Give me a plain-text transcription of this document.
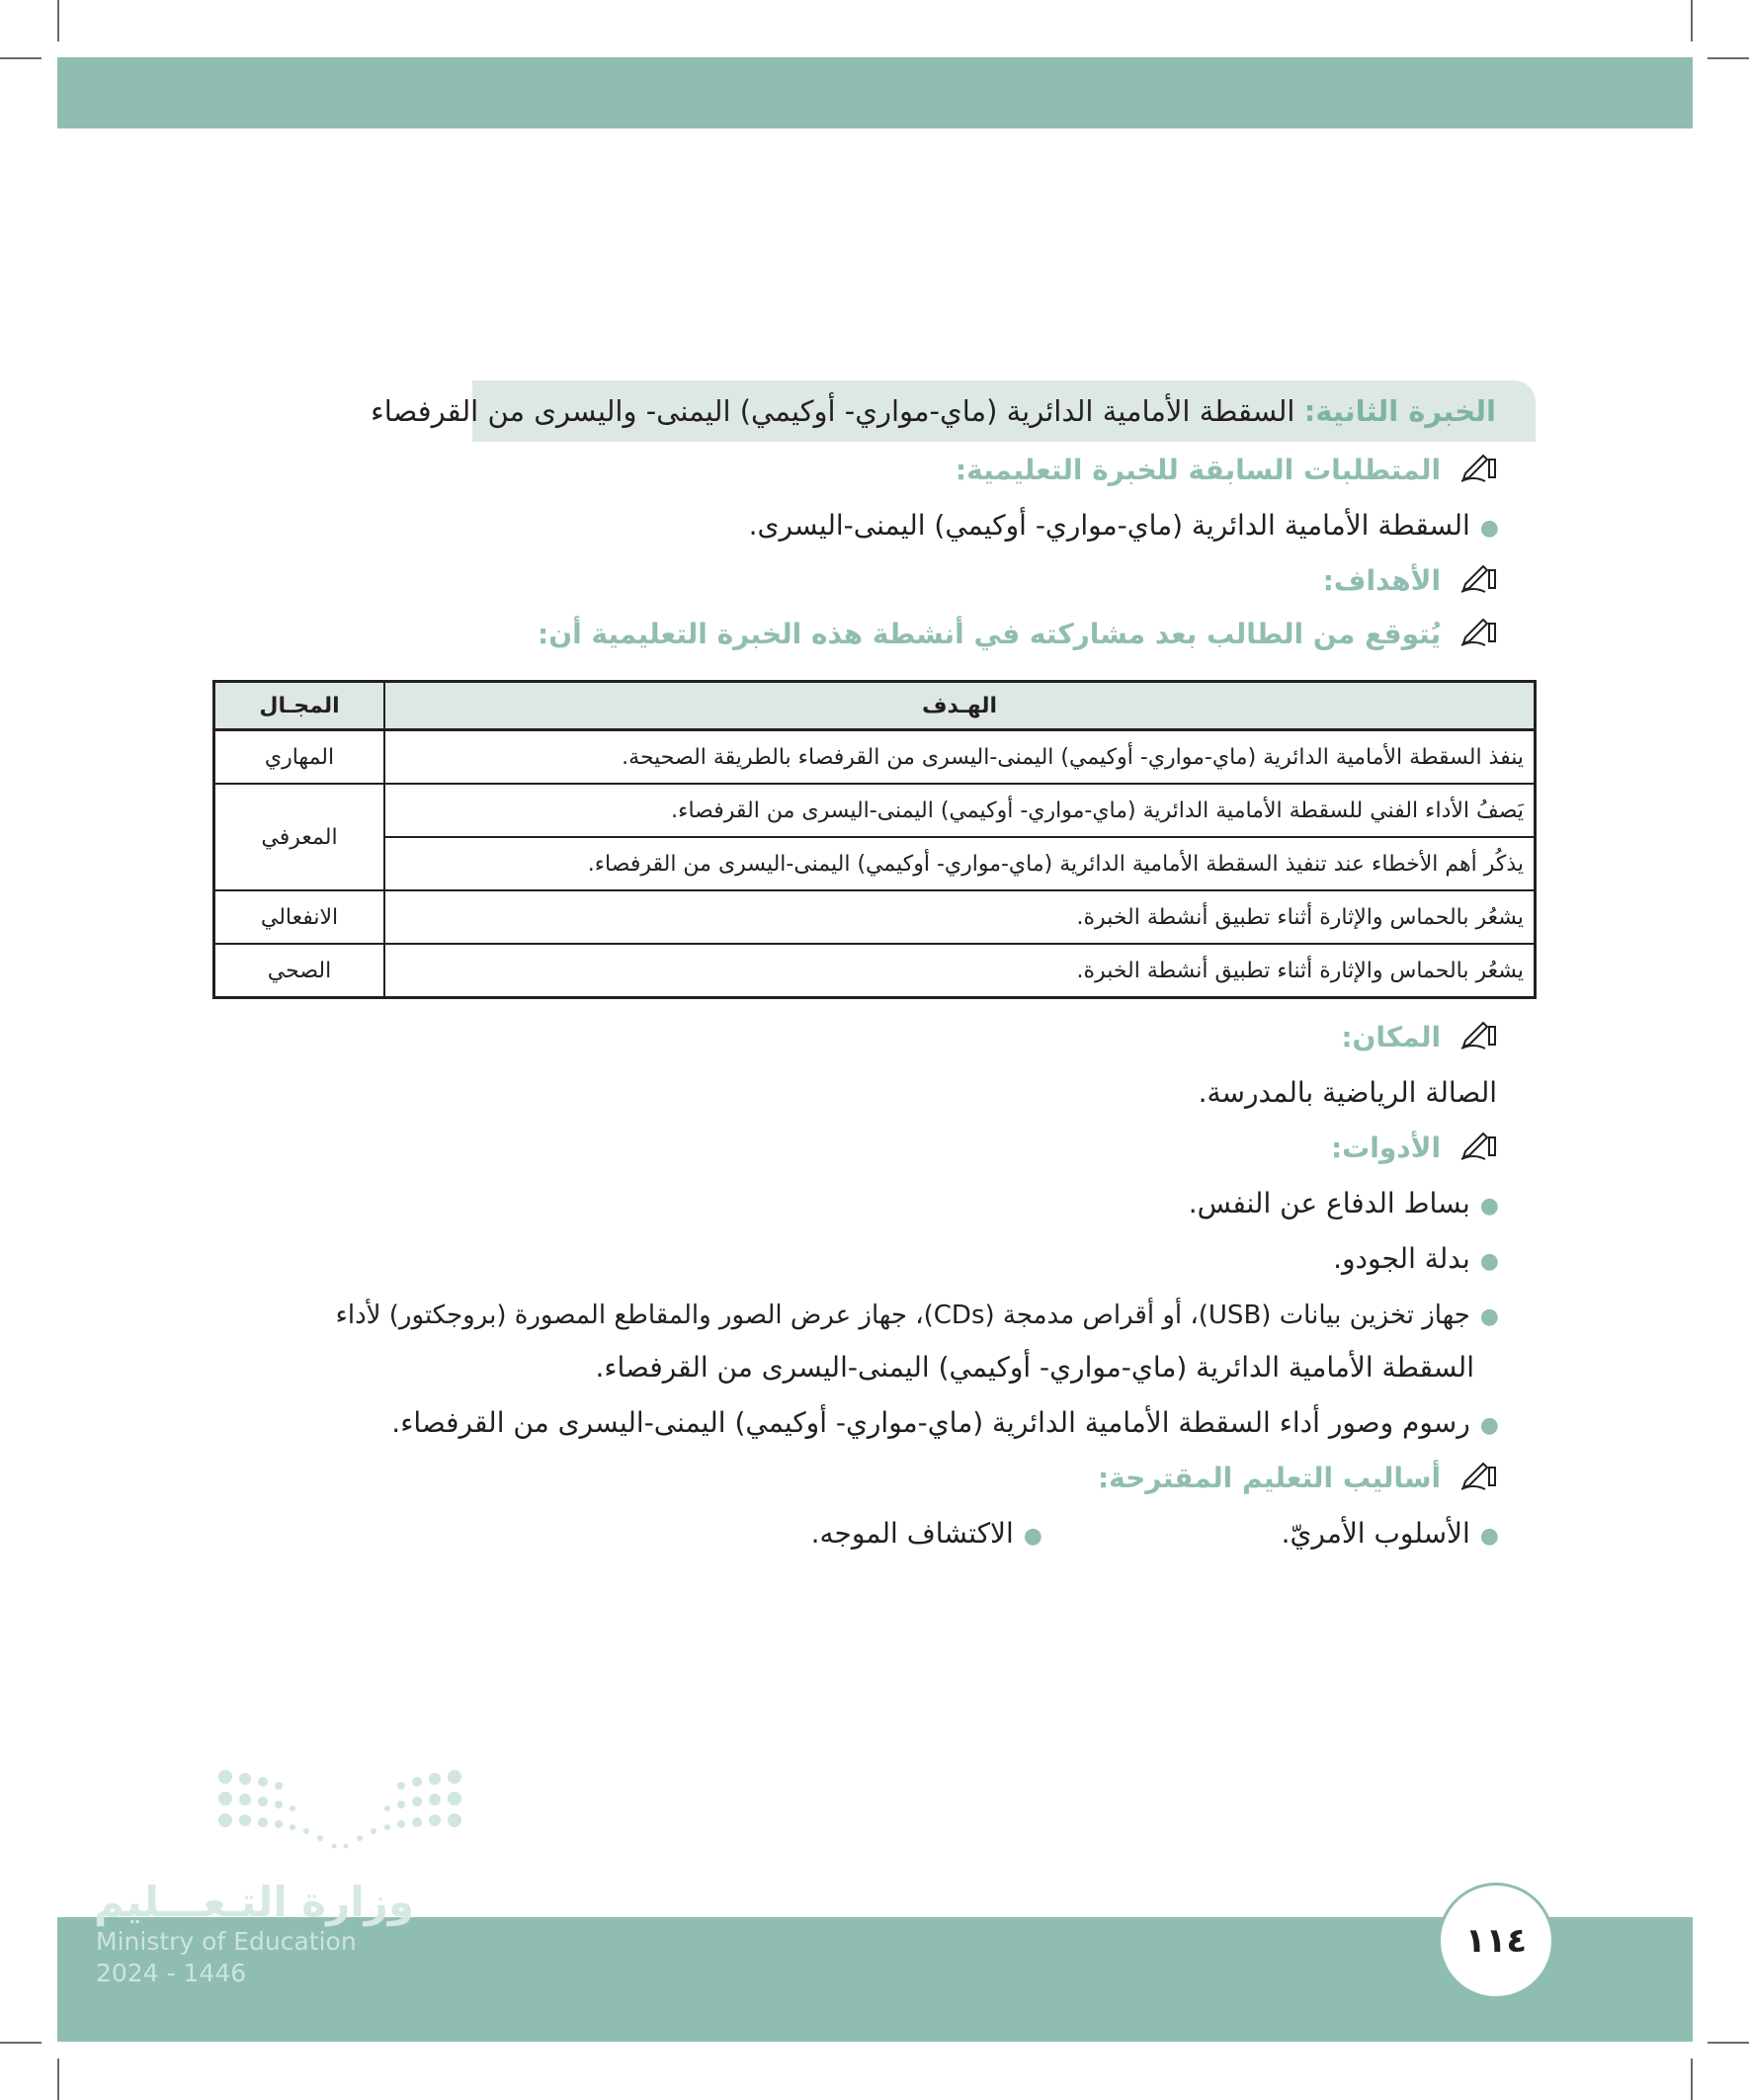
الخبرة الثانية: السقطة الأمامية الدائرية (ماي-مواري- أوكيمي) اليمنى- واليسرى من القرفصاء
المتطلبات السابقة للخبرة التعليمية:
●السقطة الأمامية الدائرية (ماي-مواري- أوكيمي) اليمنى-اليسرى.
الأهداف:
يُتوقع من الطالب بعد مشاركته في أنشطة هذه الخبرة التعليمية أن:
الهـدف	المجـال
ينفذ السقطة الأمامية الدائرية (ماي-مواري- أوكيمي) اليمنى-اليسرى من القرفصاء بالطريقة الصحيحة.	المهاري
يَصفُ الأداء الفني للسقطة الأمامية الدائرية (ماي-مواري- أوكيمي) اليمنى-اليسرى من القرفصاء.	المعرفي
يذكُر أهم الأخطاء عند تنفيذ السقطة الأمامية الدائرية (ماي-مواري- أوكيمي) اليمنى-اليسرى من القرفصاء.	
يشعُر بالحماس والإثارة أثناء تطبيق أنشطة الخبرة.	الانفعالي
يشعُر بالحماس والإثارة أثناء تطبيق أنشطة الخبرة.	الصحي
المكان:
الصالة الرياضية بالمدرسة.
الأدوات:
●بساط الدفاع عن النفس.
●بدلة الجودو.
●جهاز تخزين بيانات (USB)، أو أقراص مدمجة (CDs)، جهاز عرض الصور والمقاطع المصورة (بروجكتور) لأداء
السقطة الأمامية الدائرية (ماي-مواري- أوكيمي) اليمنى-اليسرى من القرفصاء.
●رسوم وصور أداء السقطة الأمامية الدائرية (ماي-مواري- أوكيمي) اليمنى-اليسرى من القرفصاء.
أساليب التعليم المقترحة:
●الأسلوب الأمريّ.
●الاكتشاف الموجه.
١١٤
وزارة التـعـــليم
Ministry of Education
2024 - 1446
